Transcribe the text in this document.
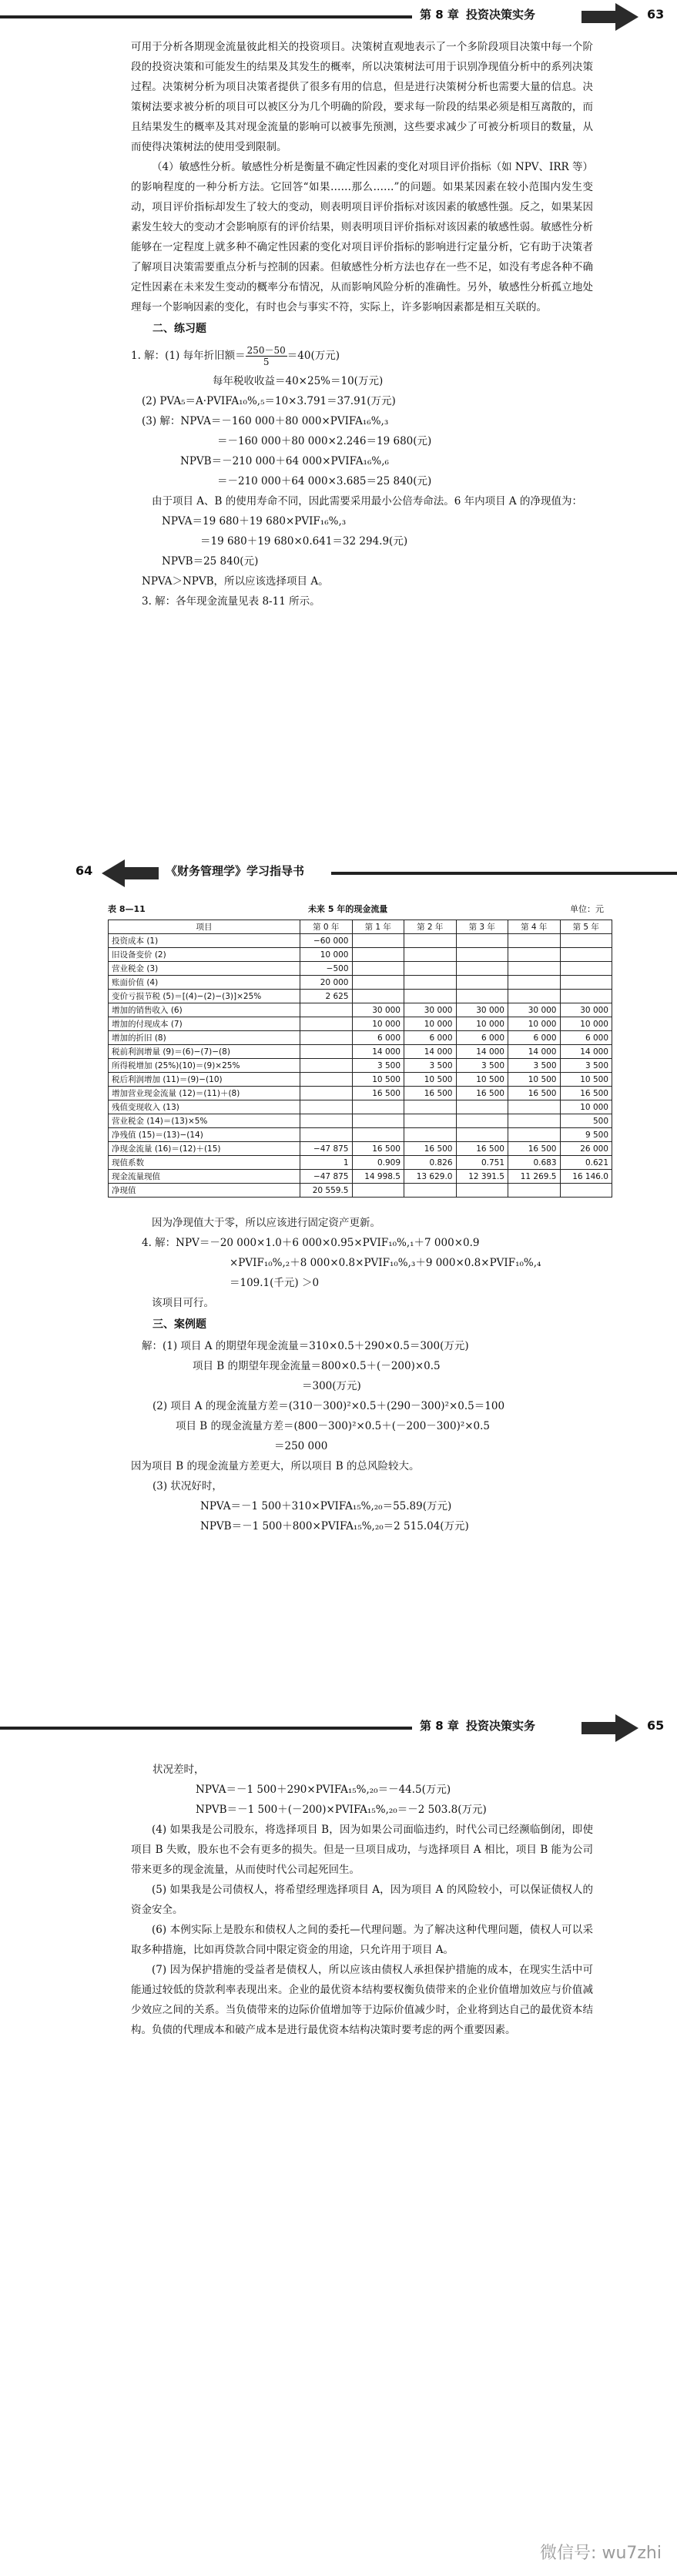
第 8 章 投资决策实务	63

可用于分析各期现金流量彼此相关的投资项目。决策树直观地表示了一个多阶段项目决策中每一个阶段的投资决策和可能发生的结果及其发生的概率，所以决策树法可用于识别净现值分析中的系列决策过程。决策树分析为项目决策者提供了很多有用的信息，但是进行决策树分析也需要大量的信息。决策树法要求被分析的项目可以被区分为几个明确的阶段，要求每一阶段的结果必须是相互离散的，而且结果发生的概率及其对现金流量的影响可以被事先预测，这些要求减少了可被分析项目的数量，从而使得决策树法的使用受到限制。

（4）敏感性分析。敏感性分析是衡量不确定性因素的变化对项目评价指标（如 NPV、IRR 等）的影响程度的一种分析方法。它回答“如果……那么……”的问题。如果某因素在较小范围内发生变动，项目评价指标却发生了较大的变动，则表明项目评价指标对该因素的敏感性强。反之，如果某因素发生较大的变动才会影响原有的评价结果，则表明项目评价指标对该因素的敏感性弱。敏感性分析能够在一定程度上就多种不确定性因素的变化对项目评价指标的影响进行定量分析，它有助于决策者了解项目决策需要重点分析与控制的因素。但敏感性分析方法也存在一些不足，如没有考虑各种不确定性因素在未来发生变动的概率分布情况，从而影响风险分析的准确性。另外，敏感性分析孤立地处理每一个影响因素的变化，有时也会与事实不符，实际上，许多影响因素都是相互关联的。

二、练习题
1. 解：(1) 每年折旧额＝ $\frac{250-50}{5} =40$(万元)
每年税收收益＝40×25%＝10(万元)
(2) PVA₅＝A·PVIFA₁₀%,₅＝10×3.791＝37.91(万元)
(3) 解：NPVA＝－160 000＋80 000×PVIFA₁₆%,₃
＝－160 000＋80 000×2.246＝19 680(元)
NPVB＝－210 000＋64 000×PVIFA₁₆%,₆
＝－210 000＋64 000×3.685＝25 840(元)

由于项目 A、B 的使用寿命不同，因此需要采用最小公倍寿命法。6 年内项目 A 的净现值为：

NPVA＝19 680＋19 680×PVIF₁₆%,₃
＝19 680＋19 680×0.641＝32 294.9(元)
NPVB＝25 840(元)
NPVA＞NPVB，所以应该选择项目 A。
3. 解：各年现金流量见表 8-11 所示。
64	《财务管理学》学习指导书
表 8—11	未来 5 年的现金流量	单位：元
项目	第 0 年	第 1 年	第 2 年	第 3 年	第 4 年	第 5 年
投资成本 (1)	−60 000					
旧设备变价 (2)	10 000					
营业税金 (3)	−500					
账面价值 (4)	20 000					
变价亏损节税 (5)＝[(4)−(2)−(3)]×25%	2 625					
增加的销售收入 (6)		30 000	30 000	30 000	30 000	30 000
增加的付现成本 (7)		10 000	10 000	10 000	10 000	10 000
增加的折旧 (8)		6 000	6 000	6 000	6 000	6 000
税前利润增量 (9)＝(6)−(7)−(8)		14 000	14 000	14 000	14 000	14 000
所得税增加 (25%)(10)＝(9)×25%		3 500	3 500	3 500	3 500	3 500
税后利润增加 (11)＝(9)−(10)		10 500	10 500	10 500	10 500	10 500
增加营业现金流量 (12)＝(11)＋(8)		16 500	16 500	16 500	16 500	16 500
残值变现收入 (13)						10 000
营业税金 (14)＝(13)×5%						500
净残值 (15)＝(13)−(14)						9 500
净现金流量 (16)＝(12)＋(15)	−47 875	16 500	16 500	16 500	16 500	26 000
现值系数	1	0.909	0.826	0.751	0.683	0.621
现金流量现值	−47 875	14 998.5	13 629.0	12 391.5	11 269.5	16 146.0
净现值	20 559.5					

因为净现值大于零，所以应该进行固定资产更新。

4. 解：NPV＝－20 000×1.0＋6 000×0.95×PVIF₁₀%,₁＋7 000×0.9
×PVIF₁₀%,₂＋8 000×0.8×PVIF₁₀%,₃＋9 000×0.8×PVIF₁₀%,₄
＝109.1(千元) ＞0

该项目可行。

三、案例题
解：(1) 项目 A 的期望年现金流量＝310×0.5＋290×0.5＝300(万元)
项目 B 的期望年现金流量＝800×0.5＋(－200)×0.5
＝300(万元)
(2) 项目 A 的现金流量方差＝(310－300)²×0.5＋(290－300)²×0.5＝100
项目 B 的现金流量方差＝(800－300)²×0.5＋(－200－300)²×0.5
＝250 000

因为项目 B 的现金流量方差更大，所以项目 B 的总风险较大。

(3) 状况好时，
NPVA＝－1 500＋310×PVIFA₁₅%,₂₀＝55.89(万元)
NPVB＝－1 500＋800×PVIFA₁₅%,₂₀＝2 515.04(万元)
第 8 章 投资决策实务	65
状况差时，
NPVA＝－1 500＋290×PVIFA₁₅%,₂₀＝－44.5(万元)
NPVB＝－1 500＋(－200)×PVIFA₁₅%,₂₀＝－2 503.8(万元)

(4) 如果我是公司股东，将选择项目 B，因为如果公司面临违约，时代公司已经濒临倒闭，即使项目 B 失败，股东也不会有更多的损失。但是一旦项目成功，与选择项目 A 相比，项目 B 能为公司带来更多的现金流量，从而使时代公司起死回生。

(5) 如果我是公司债权人，将希望经理选择项目 A，因为项目 A 的风险较小，可以保证债权人的资金安全。

(6) 本例实际上是股东和债权人之间的委托—代理问题。为了解决这种代理问题，债权人可以采取多种措施，比如再贷款合同中限定资金的用途，只允许用于项目 A。

(7) 因为保护措施的受益者是债权人，所以应该由债权人承担保护措施的成本，在现实生活中可能通过较低的贷款利率表现出来。企业的最优资本结构要权衡负债带来的企业价值增加效应与价值减少效应之间的关系。当负债带来的边际价值增加等于边际价值减少时，企业将到达自己的最优资本结构。负债的代理成本和破产成本是进行最优资本结构决策时要考虑的两个重要因素。

微信号: wu7zhi
